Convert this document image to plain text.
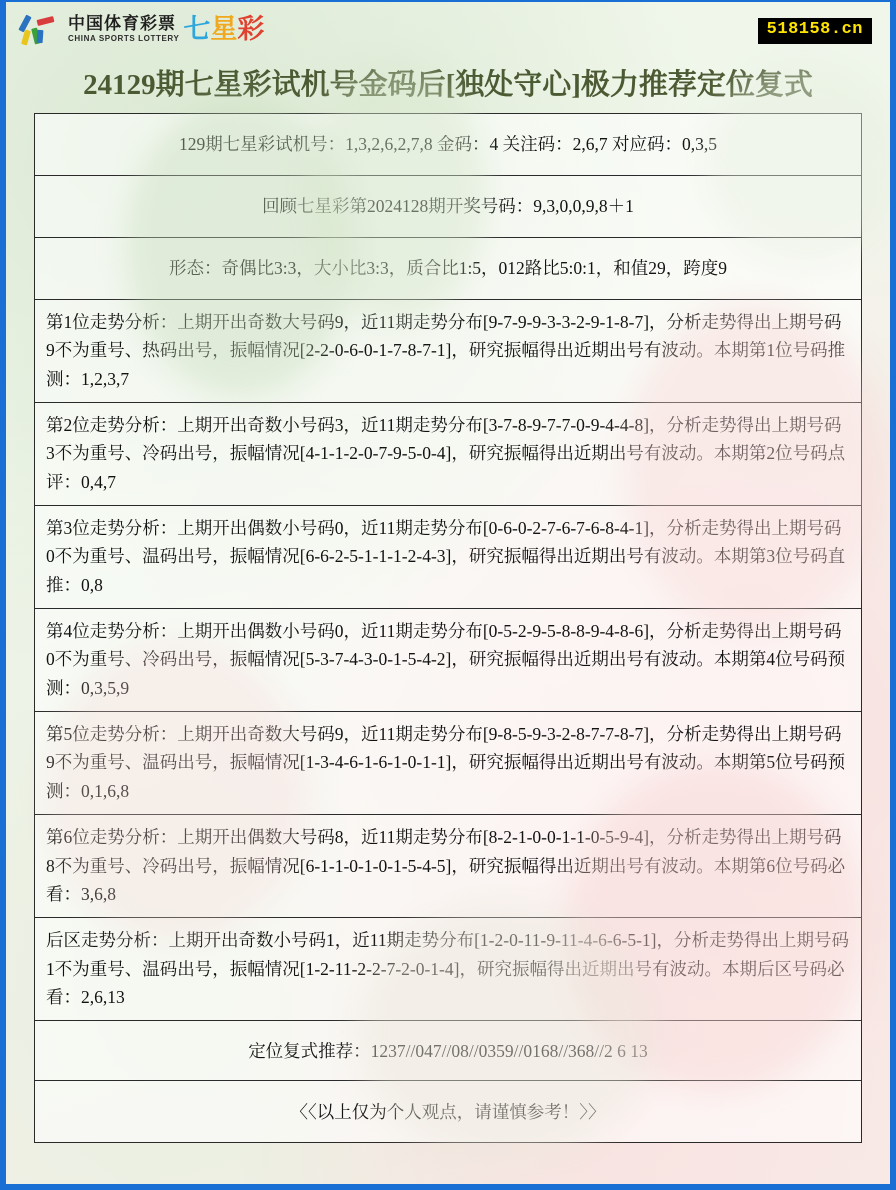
中国体育彩票
CHINA SPORTS LOTTERY 七星彩	518158.cn
24129期七星彩试机号金码后[独处守心]极力推荐定位复式
129期七星彩试机号：1,3,2,6,2,7,8 金码：4 关注码：2,6,7 对应码：0,3,5
回顾七星彩第2024128期开奖号码：9,3,0,0,9,8＋1
形态：奇偶比3:3，大小比3:3，质合比1:5，012路比5:0:1，和值29，跨度9
第1位走势分析：上期开出奇数大号码9，近11期走势分布[9-7-9-9-3-3-2-9-1-8-7]，分析走势得出上期号码9不为重号、热码出号，振幅情况[2-2-0-6-0-1-7-8-7-1]，研究振幅得出近期出号有波动。本期第1位号码推测：1,2,3,7
第2位走势分析：上期开出奇数小号码3，近11期走势分布[3-7-8-9-7-7-0-9-4-4-8]，分析走势得出上期号码3不为重号、冷码出号，振幅情况[4-1-1-2-0-7-9-5-0-4]，研究振幅得出近期出号有波动。本期第2位号码点评：0,4,7
第3位走势分析：上期开出偶数小号码0，近11期走势分布[0-6-0-2-7-6-7-6-8-4-1]，分析走势得出上期号码0不为重号、温码出号，振幅情况[6-6-2-5-1-1-1-2-4-3]，研究振幅得出近期出号有波动。本期第3位号码直推：0,8
第4位走势分析：上期开出偶数小号码0，近11期走势分布[0-5-2-9-5-8-8-9-4-8-6]，分析走势得出上期号码0不为重号、冷码出号，振幅情况[5-3-7-4-3-0-1-5-4-2]，研究振幅得出近期出号有波动。本期第4位号码预测：0,3,5,9
第5位走势分析：上期开出奇数大号码9，近11期走势分布[9-8-5-9-3-2-8-7-7-8-7]，分析走势得出上期号码9不为重号、温码出号，振幅情况[1-3-4-6-1-6-1-0-1-1]，研究振幅得出近期出号有波动。本期第5位号码预测：0,1,6,8
第6位走势分析：上期开出偶数大号码8，近11期走势分布[8-2-1-0-0-1-1-0-5-9-4]，分析走势得出上期号码8不为重号、冷码出号，振幅情况[6-1-1-0-1-0-1-5-4-5]，研究振幅得出近期出号有波动。本期第6位号码必看：3,6,8
后区走势分析：上期开出奇数小号码1，近11期走势分布[1-2-0-11-9-11-4-6-6-5-1]，分析走势得出上期号码1不为重号、温码出号，振幅情况[1-2-11-2-2-7-2-0-1-4]，研究振幅得出近期出号有波动。本期后区号码必看：2,6,13
定位复式推荐：1237//047//08//0359//0168//368//2 6 13
〈〈以上仅为个人观点，请谨慎参考！〉〉
